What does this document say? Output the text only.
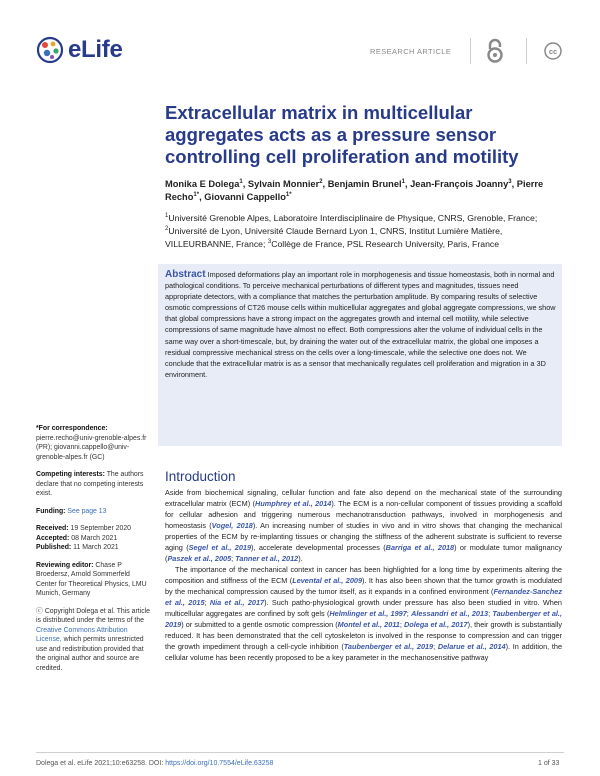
eLife	RESEARCH ARTICLE	cc
Extracellular matrix in multicellular aggregates acts as a pressure sensor controlling cell proliferation and motility
Monika E Dolega$^1$, Sylvain Monnier$^2$, Benjamin Brunel$^1$, Jean-François Joanny$^3$, Pierre Recho$^{1*}$, Giovanni Cappello$^{1*}$
$^1$Université Grenoble Alpes, Laboratoire Interdisciplinaire de Physique, CNRS, Grenoble, France; $^2$Université de Lyon, Université Claude Bernard Lyon 1, CNRS, Institut Lumière Matière, VILLEURBANNE, France; $^3$Collège de France, PSL Research University, Paris, France
Abstract Imposed deformations play an important role in morphogenesis and tissue homeostasis, both in normal and pathological conditions. To perceive mechanical perturbations of different types and magnitudes, tissues need appropriate detectors, with a compliance that matches the perturbation amplitude. By comparing results of selective osmotic compressions of CT26 mouse cells within multicellular aggregates and global aggregate compressions, we show that global compressions have a strong impact on the aggregates growth and internal cell motility, while selective compressions of same magnitude have almost no effect. Both compressions alter the volume of individual cells in the same way over a short-timescale, but, by draining the water out of the extracellular matrix, the global one imposes a residual compressive mechanical stress on the cells over a long-timescale, while the selective one does not. We conclude that the extracellular matrix is as a sensor that mechanically regulates cell proliferation and migration in a 3D environment.

*For correspondence:
pierre.recho@univ-grenoble-alpes.fr (PR); giovanni.cappello@univ-grenoble-alpes.fr (GC)

Competing interests: The authors declare that no competing interests exist.

Funding: See page 13

Received: 19 September 2020

Accepted: 08 March 2021

Published: 11 March 2021

Reviewing editor: Chase P Broedersz, Arnold Sommerfeld Center for Theoretical Physics, LMU Munich, Germany

ⓒ Copyright Dolega et al. This article is distributed under the terms of the Creative Commons Attribution License, which permits unrestricted use and redistribution provided that the original author and source are credited.

Introduction

Aside from biochemical signaling, cellular function and fate also depend on the mechanical state of the surrounding extracellular matrix (ECM) (Humphrey et al., 2014). The ECM is a non-cellular component of tissues providing a scaffold for cellular adhesion and triggering numerous mechanotransduction pathways, involved in morphogenesis and homeostasis (Vogel, 2018). An increasing number of studies in vivo and in vitro shows that changing the mechanical properties of the ECM by re-implanting tissues or changing the stiffness of the adherent substrate is sufficient to reverse aging (Segel et al., 2019), accelerate developmental processes (Barriga et al., 2018) or modulate tumor malignancy (Paszek et al., 2005; Tanner et al., 2012).

The importance of the mechanical context in cancer has been highlighted for a long time by experiments altering the composition and stiffness of the ECM (Levental et al., 2009). It has also been shown that the tumor growth is modulated by the mechanical compression caused by the tumor itself, as it expands in a confined environment (Fernandez-Sanchez et al., 2015; Nia et al., 2017). Such patho-physiological growth under pressure has also been studied in vitro. When multicellular aggregates are confined by soft gels (Helmlinger et al., 1997; Alessandri et al., 2013; Taubenberger et al., 2019) or submitted to a gentle osmotic compression (Montel et al., 2011; Dolega et al., 2017), their growth is substantially reduced. It has been demonstrated that the cell cytoskeleton is involved in the response to compression and can trigger the growth impediment through a cell-cycle inhibition (Taubenberger et al., 2019; Delarue et al., 2014). In addition, the cellular volume has been recently proposed to be a key parameter in the mechanosensitive pathway

Dolega et al. eLife 2021;10:e63258. DOI: https://doi.org/10.7554/eLife.63258	1 of 33
